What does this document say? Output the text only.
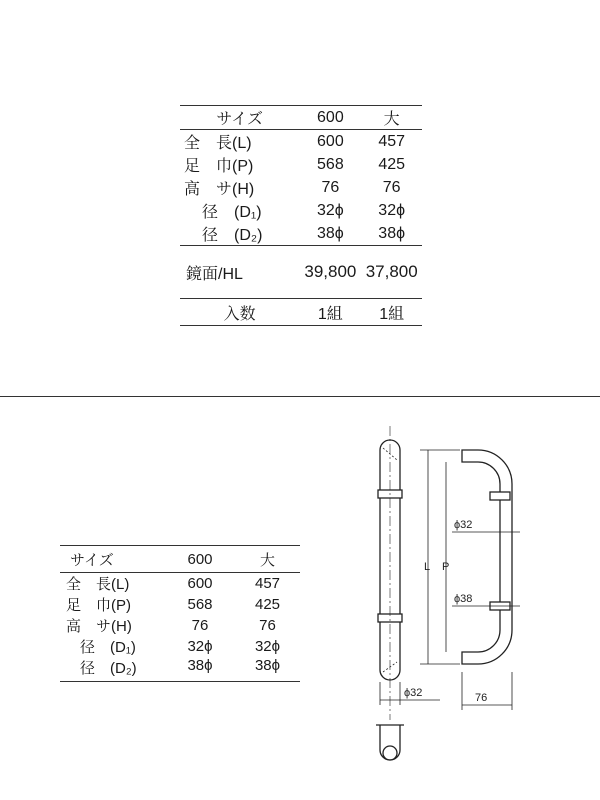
サイズ	600	大
全　長(L)	600	457
足　巾(P)	568	425
高　サ(H)	76	76
径　(D₁)	32ϕ	32ϕ
径　(D₂)	38ϕ	38ϕ
鏡面/HL	39,800	37,800
入数	1組	1組
サイズ	600	大
全　長(L)	600	457
足　巾(P)	568	425
高　サ(H)	76	76
径　(D₁)	32ϕ	32ϕ
径　(D₂)	38ϕ	38ϕ
ϕ32
L P
ϕ32
ϕ38
76
